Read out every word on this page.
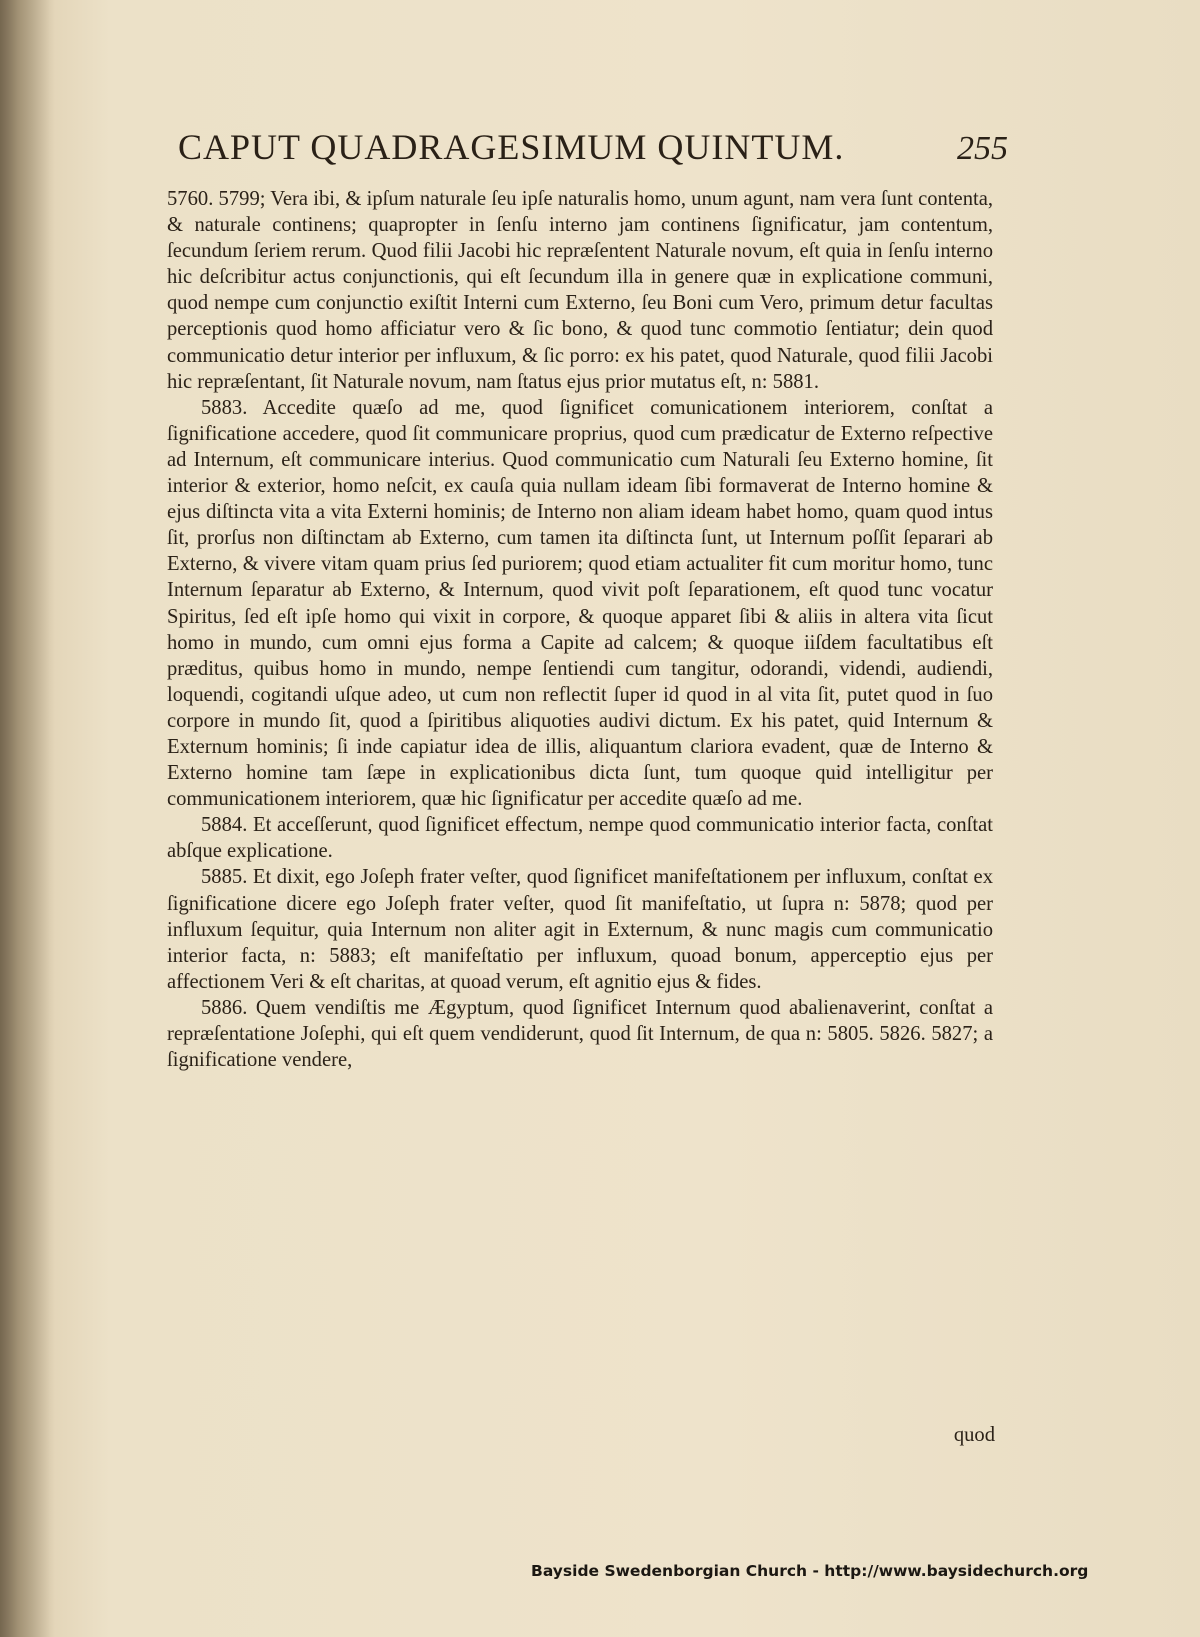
CAPUT QUADRAGESIMUM QUINTUM.	255

5760. 5799; Vera ibi, & ipſum naturale ſeu ipſe naturalis homo, unum agunt, nam vera ſunt contenta, & naturale continens; quapropter in ſenſu interno jam continens ſignificatur, jam contentum, ſecundum ſeriem rerum. Quod filii Jacobi hic repræſentent Naturale novum, eſt quia in ſenſu interno hic deſcribitur actus conjunctionis, qui eſt ſecundum illa in genere quæ in explicatione communi, quod nempe cum conjunctio exiſtit Interni cum Externo, ſeu Boni cum Vero, primum detur facultas perceptionis quod homo afficiatur vero & ſic bono, & quod tunc commotio ſentiatur; dein quod communicatio detur interior per influxum, & ſic porro: ex his patet, quod Naturale, quod filii Jacobi hic repræſentant, ſit Naturale novum, nam ſtatus ejus prior mutatus eſt, n: 5881.

5883. Accedite quæſo ad me, quod ſignificet comunicationem interiorem, conſtat a ſignificatione accedere, quod ſit communicare proprius, quod cum prædicatur de Externo reſpective ad Internum, eſt communicare interius. Quod communicatio cum Naturali ſeu Externo homine, ſit interior & exterior, homo neſcit, ex cauſa quia nullam ideam ſibi formaverat de Interno homine & ejus diſtincta vita a vita Externi hominis; de Interno non aliam ideam habet homo, quam quod intus ſit, prorſus non diſtinctam ab Externo, cum tamen ita diſtincta ſunt, ut Internum poſſit ſeparari ab Externo, & vivere vitam quam prius ſed puriorem; quod etiam actualiter fit cum moritur homo, tunc Internum ſeparatur ab Externo, & Internum, quod vivit poſt ſeparationem, eſt quod tunc vocatur Spiritus, ſed eſt ipſe homo qui vixit in corpore, & quoque apparet ſibi & aliis in altera vita ſicut homo in mundo, cum omni ejus forma a Capite ad calcem; & quoque iiſdem facultatibus eſt præditus, quibus homo in mundo, nempe ſentiendi cum tangitur, odorandi, videndi, audiendi, loquendi, cogitandi uſque adeo, ut cum non reflectit ſuper id quod in al vita ſit, putet quod in ſuo corpore in mundo ſit, quod a ſpiritibus aliquoties audivi dictum. Ex his patet, quid Internum & Externum hominis; ſi inde capiatur idea de illis, aliquantum clariora evadent, quæ de Interno & Externo homine tam ſæpe in explicationibus dicta ſunt, tum quoque quid intelligitur per communicationem interiorem, quæ hic ſignificatur per accedite quæſo ad me.

5884. Et acceſſerunt, quod ſignificet effectum, nempe quod communicatio interior facta, conſtat abſque explicatione.

5885. Et dixit, ego Joſeph frater veſter, quod ſignificet manifeſtationem per influxum, conſtat ex ſignificatione dicere ego Joſeph frater veſter, quod ſit manifeſtatio, ut ſupra n: 5878; quod per influxum ſequitur, quia Internum non aliter agit in Externum, & nunc magis cum communicatio interior facta, n: 5883; eſt manifeſtatio per influxum, quoad bonum, apperceptio ejus per affectionem Veri & eſt charitas, at quoad verum, eſt agnitio ejus & fides.

5886. Quem vendiſtis me Ægyptum, quod ſignificet Internum quod abalienaverint, conſtat a repræſentatione Joſephi, qui eſt quem vendiderunt, quod ſit Internum, de qua n: 5805. 5826. 5827; a ſignificatione vendere,

quod
Bayside Swedenborgian Church - http://www.baysidechurch.org
